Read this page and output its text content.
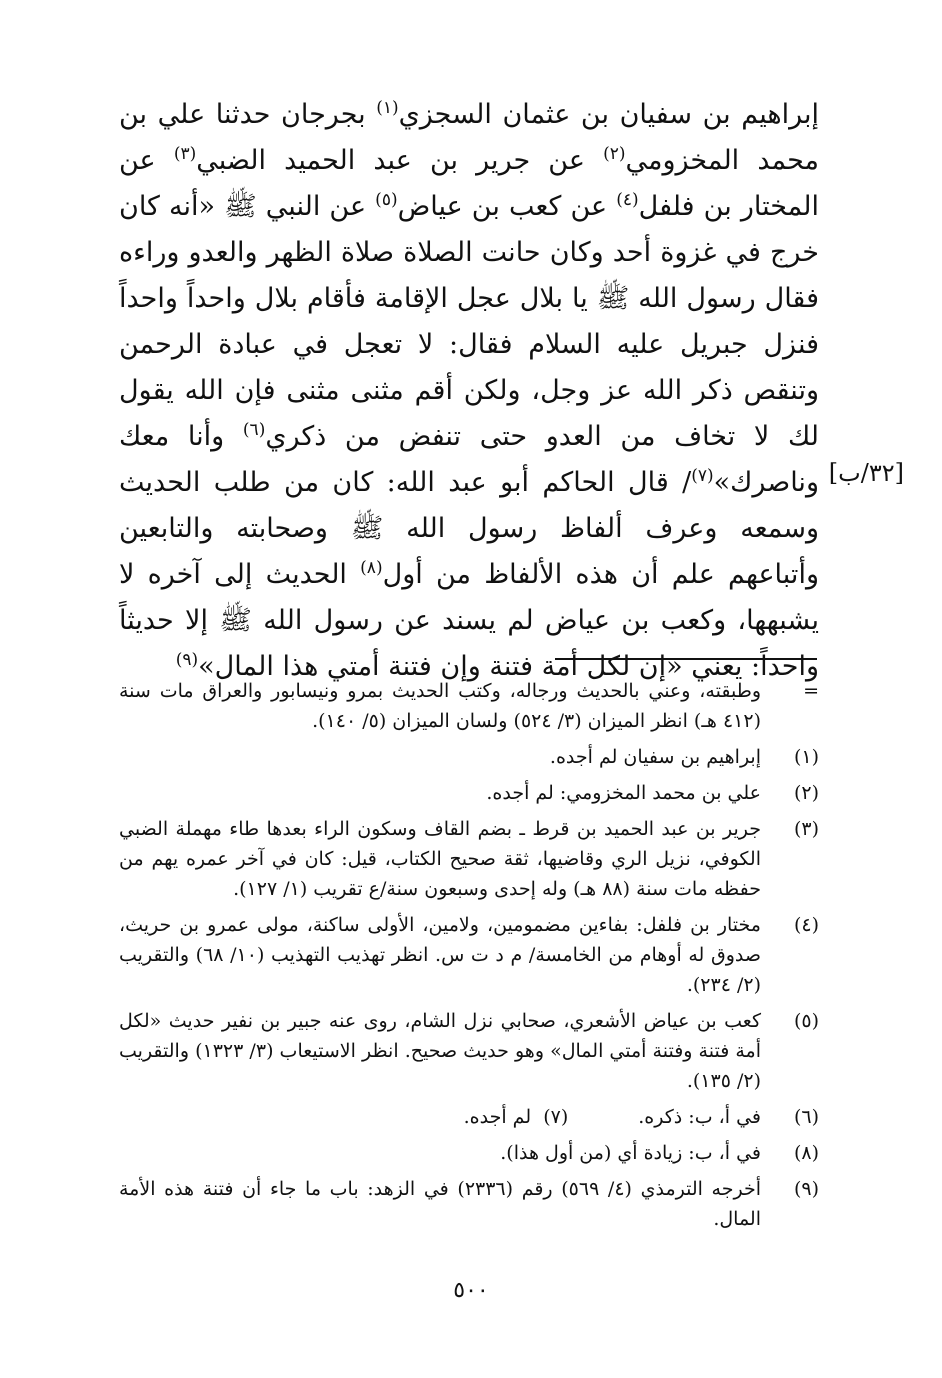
إبراهيم بن سفيان بن عثمان السجزي$^{(١)}$ بجرجان حدثنا علي بن محمد المخزومي$^{(٢)}$ عن جرير بن عبد الحميد الضبي$^{(٣)}$ عن المختار بن فلفل$^{(٤)}$ عن كعب بن عياض$^{(٥)}$ عن النبي ﷺ «أنه كان خرج في غزوة أحد وكان حانت الصلاة صلاة الظهر والعدو وراءه فقال رسول الله ﷺ يا بلال عجل الإقامة فأقام بلال واحداً واحداً فنزل جبريل عليه السلام فقال: لا تعجل في عبادة الرحمن وتنقص ذكر الله عز وجل، ولكن أقم مثنى مثنى فإن الله يقول لك لا تخاف من العدو حتى تنفض من ذكري$^{(٦)}$ وأنا معك وناصرك»$^{(٧)}$/ قال الحاكم أبو عبد الله: كان من طلب الحديث وسمعه وعرف ألفاظ رسول الله ﷺ وصحابته والتابعين وأتباعهم علم أن هذه الألفاظ من أول$^{(٨)}$ الحديث إلى آخره لا يشبهها، وكعب بن عياض لم يسند عن رسول الله ﷺ إلا حديثاً واحداً: يعني «إن لكل أمة فتنة وإن فتنة أمتي هذا المال»$^{(٩)}$

[٣٢/ب]
=
وطبقته، وعني بالحديث ورجاله، وكتب الحديث بمرو ونيسابور والعراق مات سنة (٤١٢ هـ) انظر الميزان (٣/ ٥٢٤) ولسان الميزان (٥/ ١٤٠).
(١)
إبراهيم بن سفيان لم أجده.
(٢)
علي بن محمد المخزومي: لم أجده.
(٣)
جرير بن عبد الحميد بن قرط ـ بضم القاف وسكون الراء بعدها طاء مهملة الضبي الكوفي، نزيل الري وقاضيها، ثقة صحيح الكتاب، قيل: كان في آخر عمره يهم من حفظه مات سنة (٨٨ هـ) وله إحدى وسبعون سنة/ع تقريب (١/ ١٢٧).
(٤)
مختار بن فلفل: بفاءين مضمومين، ولامين، الأولى ساكنة، مولى عمرو بن حريث، صدوق له أوهام من الخامسة/ م د ت س. انظر تهذيب التهذيب (١٠/ ٦٨) والتقريب (٢/ ٢٣٤).
(٥)
كعب بن عياض الأشعري، صحابي نزل الشام، روى عنه جبير بن نفير حديث «لكل أمة فتنة وفتنة أمتي المال» وهو حديث صحيح. انظر الاستيعاب (٣/ ١٣٢٣) والتقريب (٢/ ١٣٥).
(٦)
في أ، ب: ذكره.
(٧)  لم أجده.
(٨)
في أ، ب: زيادة أي (من أول هذا).
(٩)
أخرجه الترمذي (٤/ ٥٦٩) رقم (٢٣٣٦) في الزهد: باب ما جاء أن فتنة هذه الأمة المال.
٥٠٠
